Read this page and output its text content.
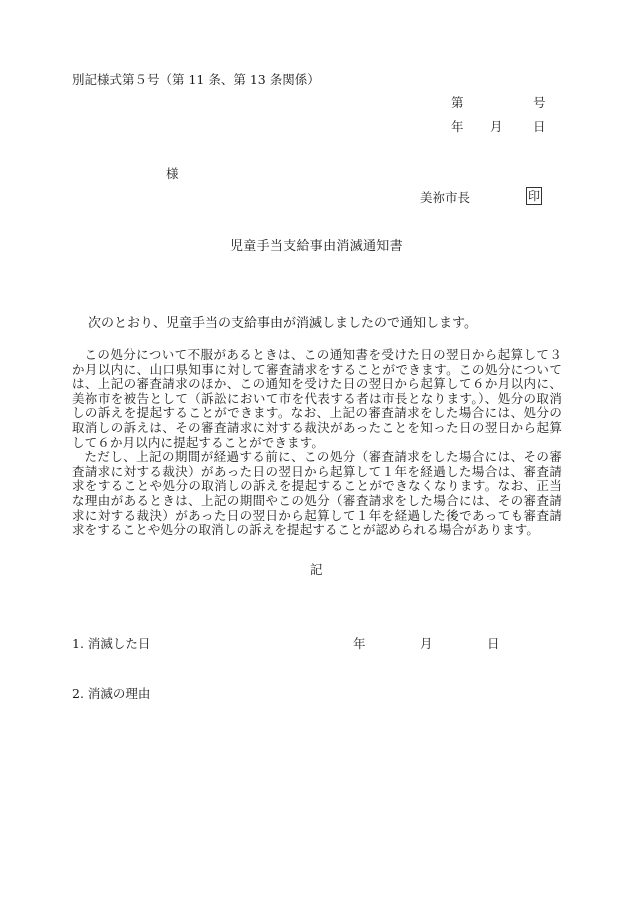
別記様式第５号（第 11 条、第 13 条関係）
第	号
年 月 日
様
美祢市長	印
児童手当支給事由消滅通知書
次のとおり、児童手当の支給事由が消滅しましたので通知します。

この処分について不服があるときは、この通知書を受けた日の翌日から起算して３か月以内に、山口県知事に対して審査請求をすることができます。この処分については、上記の審査請求のほか、この通知を受けた日の翌日から起算して６か月以内に、美祢市を被告として（訴訟において市を代表する者は市長となります。）、処分の取消しの訴えを提起することができます。なお、上記の審査請求をした場合には、処分の取消しの訴えは、その審査請求に対する裁決があったことを知った日の翌日から起算して６か月以内に提起することができます。

ただし、上記の期間が経過する前に、この処分（審査請求をした場合には、その審査請求に対する裁決）があった日の翌日から起算して１年を経過した場合は、審査請求をすることや処分の取消しの訴えを提起することができなくなります。なお、正当な理由があるときは、上記の期間やこの処分（審査請求をした場合には、その審査請求に対する裁決）があった日の翌日から起算して１年を経過した後であっても審査請求をすることや処分の取消しの訴えを提起することが認められる場合があります。

記
1. 消滅した日	年	月	日
2. 消滅の理由
